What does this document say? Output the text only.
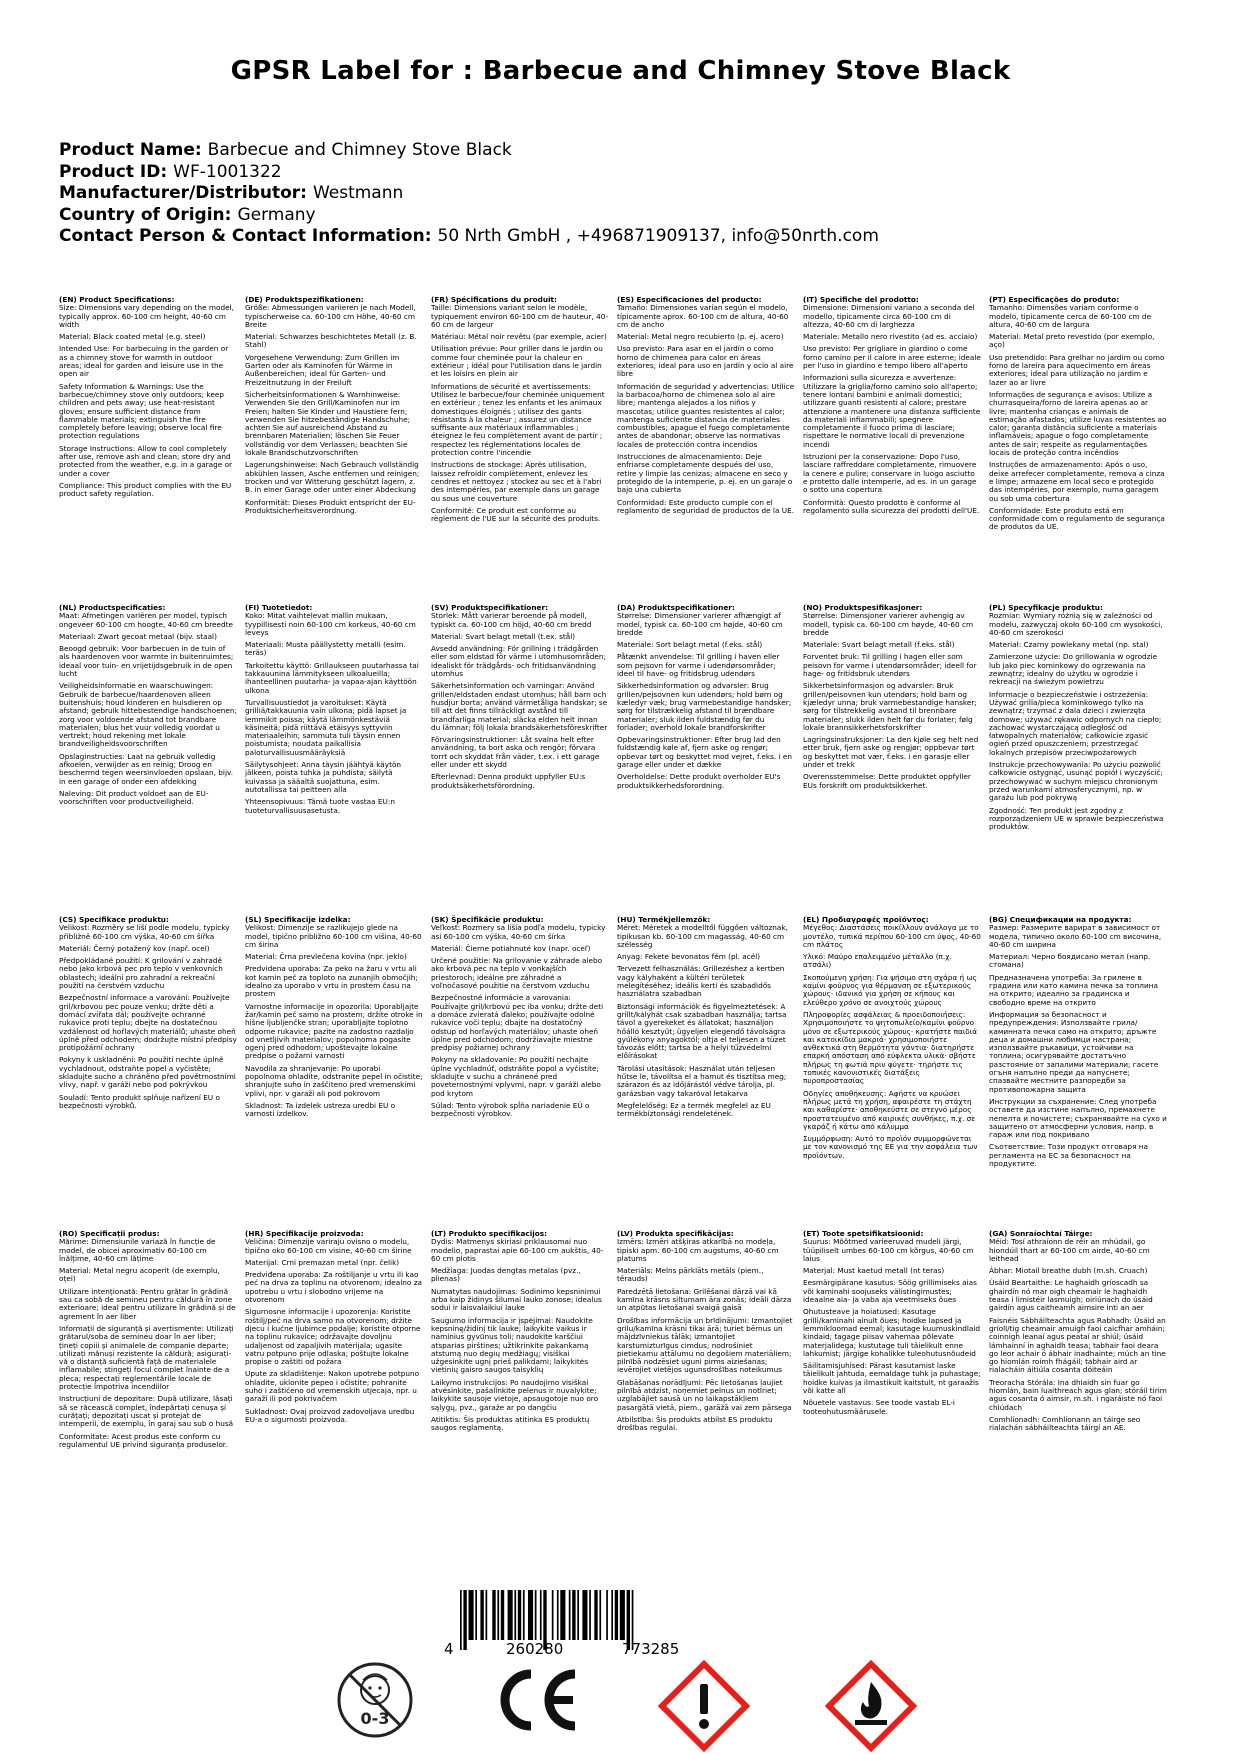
GPSR Label for : Barbecue and Chimney Stove Black
Product Name: Barbecue and Chimney Stove Black
Product ID: WF-1001322
Manufacturer/Distributor: Westmann
Country of Origin: Germany
Contact Person & Contact Information: 50 Nrth GmbH , +496871909137, info@50nrth.com
(EN) Product Specifications:

Size: Dimensions vary depending on the model, typically approx. 60-100 cm height, 40-60 cm width

Material: Black coated metal (e.g. steel)

Intended Use: For barbecuing in the garden or as a chimney stove for warmth in outdoor areas; ideal for garden and leisure use in the open air

Safety Information & Warnings: Use the barbecue/chimney stove only outdoors; keep children and pets away; use heat-resistant gloves; ensure sufficient distance from flammable materials; extinguish the fire completely before leaving; observe local fire protection regulations

Storage Instructions: Allow to cool completely after use, remove ash and clean; store dry and protected from the weather, e.g. in a garage or under a cover

Compliance: This product complies with the EU product safety regulation.

(DE) Produktspezifikationen:

Größe: Abmessungen variieren je nach Modell, typischerweise ca. 60-100 cm Höhe, 40-60 cm Breite

Material: Schwarzes beschichtetes Metall (z. B. Stahl)

Vorgesehene Verwendung: Zum Grillen im Garten oder als Kaminofen für Wärme in Außenbereichen; ideal für Garten- und Freizeitnutzung in der Freiluft

Sicherheitsinformationen & Warnhinweise: Verwenden Sie den Grill/Kaminofen nur im Freien; halten Sie Kinder und Haustiere fern; verwenden Sie hitzebeständige Handschuhe; achten Sie auf ausreichend Abstand zu brennbaren Materialien; löschen Sie Feuer vollständig vor dem Verlassen; beachten Sie lokale Brandschutzvorschriften

Lagerungshinweise: Nach Gebrauch vollständig abkühlen lassen, Asche entfernen und reinigen; trocken und vor Witterung geschützt lagern, z. B. in einer Garage oder unter einer Abdeckung

Konformität: Dieses Produkt entspricht der EU-Produktsicherheitsverordnung.

(FR) Spécifications du produit:

Taille: Dimensions variant selon le modèle, typiquement environ 60-100 cm de hauteur, 40-60 cm de largeur

Matériau: Métal noir revêtu (par exemple, acier)

Utilisation prévue: Pour griller dans le jardin ou comme four cheminée pour la chaleur en extérieur ; idéal pour l'utilisation dans le jardin et les loisirs en plein air

Informations de sécurité et avertissements: Utilisez le barbecue/four cheminée uniquement en extérieur ; tenez les enfants et les animaux domestiques éloignés ; utilisez des gants résistants à la chaleur ; assurez un distance suffisante aux matériaux inflammables ; éteignez le feu complètement avant de partir ; respectez les réglementations locales de protection contre l'incendie

Instructions de stockage: Après utilisation, laissez refroidir complètement, enlevez les cendres et nettoyez ; stockez au sec et à l'abri des intempéries, par exemple dans un garage ou sous une couverture

Conformité: Ce produit est conforme au règlement de l'UE sur la sécurité des produits.

(ES) Especificaciones del producto:

Tamaño: Dimensiones varían según el modelo, típicamente aprox. 60-100 cm de altura, 40-60 cm de ancho

Material: Metal negro recubierto (p. ej. acero)

Uso previsto: Para asar en el jardín o como horno de chimenea para calor en áreas exteriores; ideal para uso en jardín y ocio al aire libre

Información de seguridad y advertencias: Utilice la barbacoa/horno de chimenea solo al aire libre; mantenga alejados a los niños y mascotas; utilice guantes resistentes al calor; mantenga suficiente distancia de materiales combustibles; apague el fuego completamente antes de abandonar; observe las normativas locales de protección contra incendios

Instrucciones de almacenamiento: Deje enfriarse completamente después del uso, retire y limpie las cenizas; almacene en seco y protegido de la intemperie, p. ej. en un garaje o bajo una cubierta

Conformidad: Este producto cumple con el reglamento de seguridad de productos de la UE.

(IT) Specifiche del prodotto:

Dimensione: Dimensioni variano a seconda del modello, tipicamente circa 60-100 cm di altezza, 40-60 cm di larghezza

Materiale: Metallo nero rivestito (ad es. acciaio)

Uso previsto: Per grigliare in giardino o come forno camino per il calore in aree esterne; ideale per l'uso in giardino e tempo libero all'aperto

Informazioni sulla sicurezza e avvertenze: Utilizzare la griglia/forno camino solo all'aperto; tenere lontani bambini e animali domestici; utilizzare guanti resistenti al calore; prestare attenzione a mantenere una distanza sufficiente da materiali infiammabili; spegnere completamente il fuoco prima di lasciare; rispettare le normative locali di prevenzione incendi

Istruzioni per la conservazione: Dopo l'uso, lasciare raffreddare completamente, rimuovere la cenere e pulire; conservare in luogo asciutto e protetto dalle intemperie, ad es. in un garage o sotto una copertura

Conformità: Questo prodotto è conforme al regolamento sulla sicurezza dei prodotti dell'UE.

(PT) Especificações do produto:

Tamanho: Dimensões variam conforme o modelo, tipicamente cerca de 60-100 cm de altura, 40-60 cm de largura

Material: Metal preto revestido (por exemplo, aço)

Uso pretendido: Para grelhar no jardim ou como forno de lareira para aquecimento em áreas exteriores; ideal para utilização no jardim e lazer ao ar livre

Informações de segurança e avisos: Utilize a churrasqueira/forno de lareira apenas ao ar livre; mantenha crianças e animais de estimação afastados; utilize luvas resistentes ao calor; garanta distância suficiente a materiais inflamáveis; apague o fogo completamente antes de sair; respeite as regulamentações locais de proteção contra incêndios

Instruções de armazenamento: Após o uso, deixe arrefecer completamente, remova a cinza e limpe; armazene em local seco e protegido das intempéries, por exemplo, numa garagem ou sob uma cobertura

Conformidade: Este produto está em conformidade com o regulamento de segurança de produtos da UE.

(NL) Productspecificaties:

Maat: Afmetingen variëren per model, typisch ongeveer 60-100 cm hoogte, 40-60 cm breedte

Materiaal: Zwart gecoat metaal (bijv. staal)

Beoogd gebruik: Voor barbecuen in de tuin of als haardenoven voor warmte in buitenruimtes; ideaal voor tuin- en vrijetijdsgebruik in de open lucht

Veiligheidsinformatie en waarschuwingen: Gebruik de barbecue/haardenoven alleen buitenshuis; houd kinderen en huisdieren op afstand; gebruik hittebestendige handschoenen; zorg voor voldoende afstand tot brandbare materialen; blus het vuur volledig voordat u vertrekt; houd rekening met lokale brandveiligheidsvoorschriften

Opslaginstructies: Laat na gebruik volledig afkoelen, verwijder as en reinig; Droog en beschermd tegen weersinvloeden opslaan, bijv. in een garage of onder een afdekking

Naleving: Dit product voldoet aan de EU-voorschriften voor productveiligheid.

(FI) Tuotetiedot:

Koko: Mitat vaihtelevat mallin mukaan, tyypillisesti noin 60-100 cm korkeus, 40-60 cm leveys

Materiaali: Musta päällystetty metalli (esim. teräs)

Tarkoitettu käyttö: Grillaukseen puutarhassa tai takkauunina lämmitykseen ulkoalueilla; ihanteellinen puutarha- ja vapaa-ajan käyttöön ulkona

Turvallisuustiedot ja varoitukset: Käytä grilliä/takkauunia vain ulkona; pidä lapset ja lemmikit poissa; käytä lämmönkestäviä käsineitä; pidä riittävä etäisyys syttyviin materiaaleihin; sammuta tuli täysin ennen poistumista; noudata paikallisia paloturvallisuusmääräyksiä

Säilytysohjeet: Anna täysin jäähtyä käytön jälkeen, poista tuhka ja puhdista; säilytä kuivassa ja sääaltä suojattuna, esim. autotallissa tai peitteen alla

Yhteensopivuus: Tämä tuote vastaa EU:n tuoteturvallisuusasetusta.

(SV) Produktspecifikationer:

Storlek: Mått varierar beroende på modell, typiskt ca. 60-100 cm höjd, 40-60 cm bredd

Material: Svart belagt metall (t.ex. stål)

Avsedd användning: För grillning i trädgården eller som eldstad för värme i utomhusområden; idealiskt för trädgårds- och fritidsanvändning utomhus

Säkerhetsinformation och varningar: Använd grillen/eldstaden endast utomhus; håll barn och husdjur borta; använd värmetåliga handskar; se till att det finns tillräckligt avstånd till brandfarliga material; släcka elden helt innan du lämnar; följ lokala brandsäkerhetsföreskrifter

Förvaringsinstruktioner: Låt svalna helt efter användning, ta bort aska och rengör; förvara torrt och skyddat från väder, t.ex. i ett garage eller under ett skydd

Efterlevnad: Denna produkt uppfyller EU:s produktsäkerhetsförordning.

(DA) Produktspecifikationer:

Størrelse: Dimensioner varierer afhængigt af model, typisk ca. 60-100 cm højde, 40-60 cm bredde

Materiale: Sort belagt metal (f.eks. stål)

Påtænkt anvendelse: Til grilling i haven eller som pejsovn for varme i udendørsområder; ideel til have- og fritidsbrug udendørs

Sikkerhedsinformation og advarsler: Brug grillen/pejsovnen kun udendørs; hold børn og kæledyr væk; brug varmebestandige handsker; sørg for tilstrækkelig afstand til brændbare materialer; sluk ilden fuldstændig før du forlader; overhold lokale brandforskrifter

Opbevaringsinstruktioner: Efter brug lad den fuldstændig køle af, fjern aske og rengør; opbevar tørt og beskyttet mod vejret, f.eks. i en garage eller under et dække

Overholdelse: Dette produkt overholder EU's produktsikkerhedsforordning.

(NO) Produktspesifikasjoner:

Størrelse: Dimensjoner varierer avhengig av modell, typisk ca. 60-100 cm høyde, 40-60 cm bredde

Materiale: Svart belagt metall (f.eks. stål)

Forventet bruk: Til grilling i hagen eller som peisovn for varme i utendørsområder; ideell for hage- og fritidsbruk utendørs

Sikkerhetsinformasjon og advarsler: Bruk grillen/peisovnen kun utendørs; hold barn og kjæledyr unna; bruk varmebestandige hansker; sørg for tilstrekkelig avstand til brennbare materialer; slukk ilden helt før du forlater; følg lokale brannsikkerhetsforskrifter

Lagringsinstruksjoner: La den kjøle seg helt ned etter bruk, fjern aske og rengjør; oppbevar tørt og beskyttet mot vær, f.eks. i en garasje eller under et trekk

Overensstemmelse: Dette produktet oppfyller EUs forskrift om produktsikkerhet.

(PL) Specyfikacje produktu:

Rozmiar: Wymiary różnią się w zależności od modelu, zazwyczaj około 60-100 cm wysokości, 40-60 cm szerokości

Materiał: Czarny powlekany metal (np. stal)

Zamierzone użycie: Do grillowania w ogrodzie lub jako piec kominkowy do ogrzewania na zewnątrz; idealny do użytku w ogrodzie i rekreacji na świeżym powietrzu

Informacje o bezpieczeństwie i ostrzeżenia: Używać grilla/pieca kominkowego tylko na zewnątrz; trzymać z dala dzieci i zwierzęta domowe; używać rękawic odpornych na ciepło; zachować wystarczającą odległość od łatwopalnych materiałów; całkowicie zgasić ogień przed opuszczeniem; przestrzegać lokalnych przepisów przeciwpożarowych

Instrukcje przechowywania: Po użyciu pozwolić całkowicie ostygnąć, usunąć popiół i wyczyścić; przechowywać w suchym miejscu chronionym przed warunkami atmosferycznymi, np. w garażu lub pod pokrywą

Zgodność: Ten produkt jest zgodny z rozporządzeniem UE w sprawie bezpieczeństwa produktów.

(CS) Specifikace produktu:

Velikost: Rozměry se liší podle modelu, typicky přibližně 60-100 cm výška, 40-60 cm šířka

Materiál: Černý potažený kov (např. ocel)

Předpokládané použití: K grilování v zahradě nebo jako krbová pec pro teplo v venkovních oblastech; ideální pro zahradní a rekreační použití na čerstvém vzduchu

Bezpečnostní informace a varování: Používejte gril/krbovou pec pouze venku; držte děti a domácí zvířata dál; používejte ochranné rukavice proti teplu; dbejte na dostatečnou vzdálenost od hořlavých materiálů; uhaste oheň úplně před odchodem; dodržujte místní předpisy protipožární ochrany

Pokyny k uskladnění: Po použití nechte úplně vychladnout, odstraňte popel a vyčistěte; skladujte sucho a chráněno před povětrnostními vlivy, např. v garáži nebo pod pokrývkou

Souladí: Tento produkt splňuje nařízení EU o bezpečnosti výrobků.

(SL) Specifikacije izdelka:

Velikost: Dimenzije se razlikujejo glede na model, tipično približno 60-100 cm višina, 40-60 cm širina

Material: Črna prevlečena kovina (npr. jeklo)

Predvidena uporaba: Za peko na žaru v vrtu ali kot kamin peč za toploto na zunanjih območjih; idealno za uporabo v vrtu in prostem času na prostem

Varnostne informacije in opozorila: Uporabljajte žar/kamin peč samo na prostem; držite otroke in hišne ljubljenčke stran; uporabljajte toplotno odporne rukavice; pazite na zadostno razdaljo od vnetljivih materialov; popolnoma pogasite ogenj pred odhodom; upoštevajte lokalne predpise o požarni varnosti

Navodila za shranjevanje: Po uporabi popolnoma ohladite, odstranite pepel in očistite; shranjujte suho in zaščiteno pred vremenskimi vplivi, npr. v garaži ali pod pokrovom

Skladnost: Ta izdelek ustreza uredbi EU o varnosti izdelkov.

(SK) Špecifikácie produktu:

Veľkosť: Rozmery sa líšia podľa modelu, typicky asi 60-100 cm výška, 40-60 cm šírka

Materiál: Čierne potiahnuté kov (napr. oceľ)

Určené použitie: Na grilovanie v záhrade alebo ako krbová pec na teplo v vonkajších priestoroch; ideálne pre záhradné a voľnočasové použitie na čerstvom vzduchu

Bezpečnostné informácie a varovania: Používajte gril/krbovú pec iba vonku; držte deti a domáce zvieratá ďaleko; používajte odolné rukavice voči teplu; dbajte na dostatočný odstup od horľavých materiálov; uhaste oheň úplne pred odchodom; dodržiavajte miestne predpisy požiarnej ochrany

Pokyny na skladovanie: Po použití nechajte úplne vychladnúť, odstráňte popol a vyčistite; skladujte v suchu a chránené pred poveternostnými vplyvmi, napr. v garáži alebo pod krytom

Súlad: Tento výrobok spĺňa nariadenie EÚ o bezpečnosti výrobkov.

(HU) Termékjellemzők:

Méret: Méretek a modelltől függően változnak, tipikusan kb. 60-100 cm magasság, 40-60 cm szélesség

Anyag: Fekete bevonatos fém (pl. acél)

Tervezett felhasználás: Grillezéshez a kertben vagy kályhaként a kültéri területek melegítéséhez; ideális kerti és szabadidős használatra szabadban

Biztonsági információk és figyelmeztetések: A grillt/kályhát csak szabadban használja; tartsa távol a gyerekeket és állatokat; használjon hőálló kesztyűt; ügyeljen elegendő távolságra gyúlékony anyagoktól; oltja el teljesen a tüzet távozás előtt; tartsa be a helyi tűzvédelmi előírásokat

Tárolási utasítások: Használat után teljesen hűtse le, távolítsa el a hamut és tisztítsa meg; szárazon és az időjárástól védve tárolja, pl. garázsban vagy takaróval letakarva

Megfelelőség: Ez a termék megfelel az EU termékbiztonsági rendeletének.

(EL) Προδιαγραφές προϊόντος:

Μέγεθος: Διαστάσεις ποικίλλουν ανάλογα με το μοντέλο, τυπικά περίπου 60-100 cm ύψος, 40-60 cm πλάτος

Υλικό: Μαύρο επαλειμμένο μέταλλο (π.χ. ατσάλι)

Σκοπούμενη χρήση: Για ψήσιμο στη σχάρα ή ως καμίνι φούρνος για θέρμανση σε εξωτερικούς χώρους· ιδανικό για χρήση σε κήπους και ελεύθερο χρόνο σε ανοιχτούς χώρους

Πληροφορίες ασφάλειας & προειδοποιήσεις: Χρησιμοποιήστε το ψητοπωλείο/καμίνι φούρνο μόνο σε εξωτερικούς χώρους· κρατήστε παιδιά και κατοικίδια μακριά· χρησιμοποιήστε ανθεκτικά στη θερμότητα γάντια· διατηρήστε επαρκή απόσταση από εύφλεκτα υλικά· σβήστε πλήρως τη φωτιά πριν φύγετε· τηρήστε τις τοπικές κανονιστικές διατάξεις πυροπροστασίας

Οδηγίες αποθήκευσης: Αφήστε να κρυώσει πλήρως μετά τη χρήση, αφαιρέστε τη στάχτη και καθαρίστε· αποθηκεύστε σε στεγνό μέρος προστατευμένο από καιρικές συνθήκες, π.χ. σε γκαράζ ή κάτω από κάλυμμα

Συμμόρφωση: Αυτό το προϊόν συμμορφώνεται με τον κανονισμό της ΕΕ για την ασφάλεια των προϊόντων.

(BG) Спецификации на продукта:

Размер: Размерите варират в зависимост от модела, типично около 60-100 cm височина, 40-60 cm ширина

Материал: Черно боядисано метал (напр. стомана)

Предназначена употреба: За грилене в градина или като камина печка за топлина на открито; идеално за градинска и свободно време на открито

Информация за безопасност и предупреждения: Използвайте грила/каминната печка само на открито; дръжте деца и домашни любимци настрана; използвайте ръкавици, устойчиви на топлина; осигурявайте достатъчно разстояние от запалими материали; гасете огъня напълно преди да напуснете; спазвайте местните разпоредби за противопожарна защита

Инструкции за съхранение: След употреба оставете да изстине напълно, премахнете пепелта и почистете; съхранявайте на сухо и защитено от атмосферни условия, напр. в гараж или под покривало

Съответствие: Този продукт отговаря на регламента на ЕС за безопасност на продуктите.

(RO) Specificații produs:

Mărime: Dimensiunile variază în funcție de model, de obicei aproximativ 60-100 cm înălțime, 40-60 cm lățime

Material: Metal negru acoperit (de exemplu, oțel)

Utilizare intenționată: Pentru grătar în grădină sau ca sobă de semineu pentru căldură în zone exterioare; ideal pentru utilizare în grădină și de agrement în aer liber

Informații de siguranță și avertismente: Utilizați grătarul/soba de semineu doar în aer liber; țineți copiii și animalele de companie departe; utilizați mănuși rezistente la căldură; asigurați-vă o distanță suficientă față de materialele inflamabile; stingeți focul complet înainte de a pleca; respectați reglementările locale de protecție împotriva incendiilor

Instrucțiuni de depozitare: După utilizare, lăsați să se răcească complet, îndepărtați cenușa și curățați; depozitați uscat și protejat de intemperii, de exemplu, în garaj sau sub o husă

Conformitate: Acest produs este conform cu regulamentul UE privind siguranța produselor.

(HR) Specifikacije proizvoda:

Veličina: Dimenzije variraju ovisno o modelu, tipično oko 60-100 cm visine, 40-60 cm širine

Materijal: Crni premazan metal (npr. čelik)

Predviđena uporaba: Za roštiljanje u vrtu ili kao peć na drva za toplinu na otvorenom; idealno za upotrebu u vrtu i slobodno vrijeme na otvorenom

Sigurnosne informacije i upozorenja: Koristite roštilj/peć na drva samo na otvorenom; držite djecu i kućne ljubimce podalje; koristite otporne na toplinu rukavice; održavajte dovoljnu udaljenost od zapaljivih materijala; ugasite vatru potpuno prije odlaska; poštujte lokalne propise o zaštiti od požara

Upute za skladištenje: Nakon upotrebe potpuno ohladite, uklonite pepeo i očistite; pohranite suho i zaštićeno od vremenskih utjecaja, npr. u garaži ili pod pokrivačem

Sukladnost: Ovaj proizvod zadovoljava uredbu EU-a o sigurnosti proizvoda.

(LT) Produkto specifikacijos:

Dydis: Matmenys skiriasi priklausomai nuo modelio, paprastai apie 60-100 cm aukštis, 40-60 cm plotis

Medžiaga: Juodas dengtas metalas (pvz., plienas)

Numatytas naudojimas: Sodinimo kepsninimui arba kaip židinys šilumai lauko zonose; idealus sodui ir laisvalaikiui lauke

Saugumo informacija ir įspėjimai: Naudokite kepsninę/židinį tik lauke; laikykite vaikus ir naminius gyvūnus toli; naudokite karščiui atsparias pirštines; užtikrinkite pakankamą atstumą nuo degių medžiagų; visiškai užgesinkite ugnį prieš palikdami; laikykitės vietinių gaisro saugos taisyklių

Laikymo instrukcijos: Po naudojimo visiškai atvėsinkite, pašalinkite pelenus ir nuvalykite; laikykite sausoje vietoje, apsaugotoje nuo oro sąlygų, pvz., garaže ar po dangčiu

Atitiktis: Šis produktas atitinka ES produktų saugos reglamentą.

(LV) Produkta specifikācijas:

Izmērs: Izmēri atšķiras atkarībā no modeļa, tipiski apm. 60-100 cm augstums, 40-60 cm platums

Materiāls: Melns pārklāts metāls (piem., tērauds)

Paredzētā lietošana: Grilēšanai dārzā vai kā kamīna krāsns siltumam āra zonās; ideāli dārza un atpūtas lietošanai svaigā gaisā

Drošības informācija un brīdinājumi: Izmantojiet grilu/kamīna krāsni tikai ārā; turiet bērnus un mājdzīvniekus tālāk; izmantojiet karstumizturīgus cimdus; nodrošiniet pietiekamu attālumu no degošiem materiāliem; pilnībā nodzēsiet uguni pirms aiziešanas; ievērojiet vietējos ugunsdrošības noteikumus

Glabāšanas norādījumi: Pēc lietošanas ļaujiet pilnībā atdzist, noņemiet pelnus un notīriet; uzglabājiet sausā un no laikapstākļiem pasargātā vietā, piem., garāžā vai zem pārsega

Atbilstība: Šis produkts atbilst ES produktu drošības regulai.

(ET) Toote spetsifikatsioonid:

Suurus: Mõõtmed varieeruvad mudeli järgi, tüüpiliselt umbes 60-100 cm kõrgus, 40-60 cm laius

Materjal: Must kaetud metall (nt teras)

Eesmärgipärane kasutus: Söög grillimiseks aias või kaminahi soojuseks välistingimustes; ideaalne aia- ja vaba aja veetmiseks õues

Ohutusteave ja hoiatused: Kasutage grilli/kaminahi ainult õues; hoidke lapsed ja lemmikloomad eemal; kasutage kuumuskindlaid kindaid; tagage piisav vahemaa põlevate materjalidega; kustutage tuli täielikult enne lahkumist; järgige kohalikke tuleohutusnõudeid

Säilitamisjuhised: Pärast kasutamist laske täielikult jahtuda, eemaldage tuhk ja puhastage; hoidke kuivas ja ilmastikult kaitstult, nt garaažis või katte all

Nõuetele vastavus: See toode vastab EL-i tooteohutusmäärusele.

(GA) Sonraíochtaí Táirge:

Méid: Tosí athraíonn de réir an mhúdail, go hiondúil thart ar 60-100 cm airde, 40-60 cm leithead

Ábhar: Miotail breathe dubh (m.sh. Cruach)

Úsáid Beartaithe: Le haghaidh gríoscadh sa ghairdín nó mar oigh cheamair le haghaidh teasa i limistéir lasmuigh; oiriúnach do úsáid gairdín agus caitheamh aimsire inti an aer

Faisnéis Sábháilteachta agus Rabhadh: Úsáid an gríoll/tig cheamair amuigh faoi caicfhar amháin; coinnigh leanaí agus peataí ar shiúl; úsáid lámhainní in aghaidh teasa; tabhair faoi deara go leor achair ó ábhair inadhainte; múch an tine go hiomlán roimh fhágáil; tabhair aird ar rialacháin áitiúla cosanta dóiteáin

Treoracha Stórála: Ina dhiaidh sin fuar go hiomlán, bain luaithreach agus glan; stóráil tirim agus cosanta ó aimsir, m.sh. i ngaráiste nó faoi chlúdach

Comhlíonadh: Comhlíonann an táirge seo rialachán sábháilteachta táirgí an AE.

4	260280	773285
0-3
